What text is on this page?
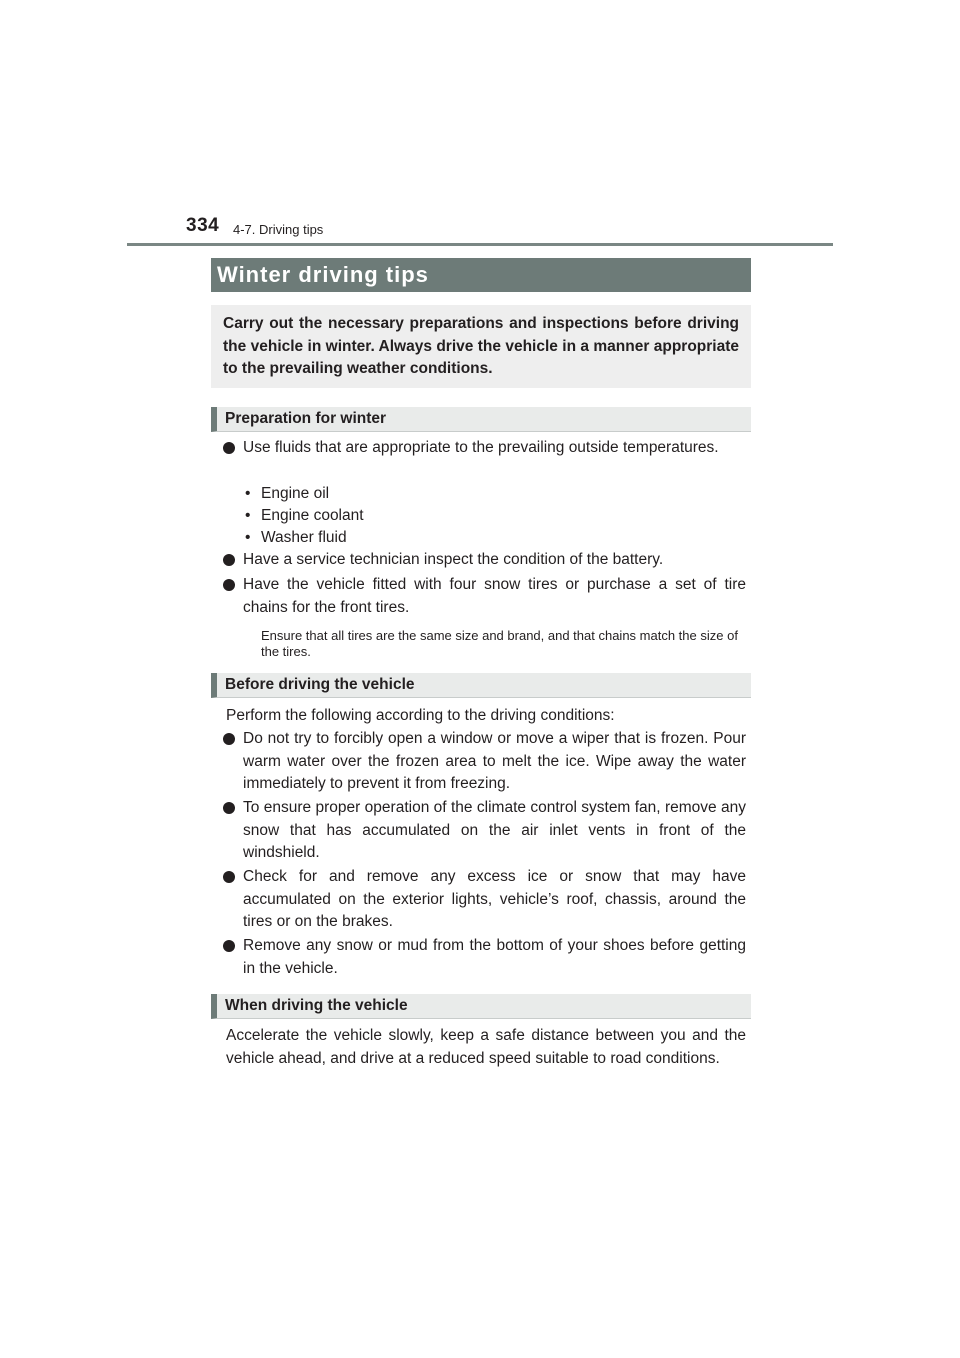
334 4-7. Driving tips
Winter driving tips
Carry out the necessary preparations and inspections before driving the vehicle in winter. Always drive the vehicle in a manner appropriate to the prevailing weather conditions.
Preparation for winter
Use fluids that are appropriate to the prevailing outside temperatures.
• Engine oil
• Engine coolant
• Washer fluid
Have a service technician inspect the condition of the battery.
Have the vehicle fitted with four snow tires or purchase a set of tire chains for the front tires.
Ensure that all tires are the same size and brand, and that chains match the size of the tires.
Before driving the vehicle
Perform the following according to the driving conditions:
Do not try to forcibly open a window or move a wiper that is frozen. Pour warm water over the frozen area to melt the ice. Wipe away the water immediately to prevent it from freezing.
To ensure proper operation of the climate control system fan, remove any snow that has accumulated on the air inlet vents in front of the windshield.
Check for and remove any excess ice or snow that may have accumulated on the exterior lights, vehicle’s roof, chassis, around the tires or on the brakes.
Remove any snow or mud from the bottom of your shoes before getting in the vehicle.
When driving the vehicle
Accelerate the vehicle slowly, keep a safe distance between you and the vehicle ahead, and drive at a reduced speed suitable to road conditions.
